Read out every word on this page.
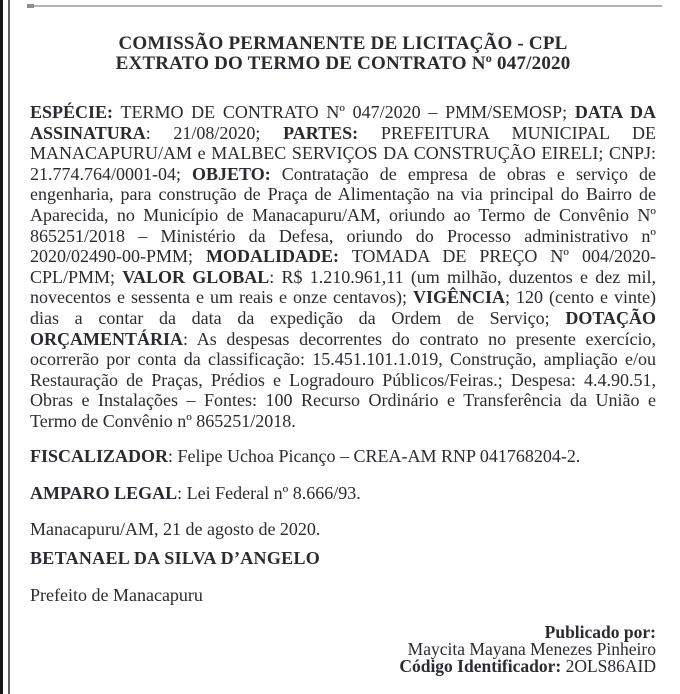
COMISSÃO PERMANENTE DE LICITAÇÃO - CPL
EXTRATO DO TERMO DE CONTRATO Nº 047/2020

ESPÉCIE: TERMO DE CONTRATO Nº 047/2020 – PMM/SEMOSP; DATA DA ASSINATURA: 21/08/2020; PARTES: PREFEITURA MUNICIPAL DE MANACAPURU/AM e MALBEC SERVIÇOS DA CONSTRUÇÃO EIRELI; CNPJ: 21.774.764/0001-04; OBJETO: Contratação de empresa de obras e serviço de engenharia, para construção de Praça de Alimentação na via principal do Bairro de Aparecida, no Município de Manacapuru/AM, oriundo ao Termo de Convênio Nº 865251/2018 – Ministério da Defesa, oriundo do Processo administrativo nº 2020/02490-00-PMM; MODALIDADE: TOMADA DE PREÇO Nº 004/2020-CPL/PMM; VALOR GLOBAL: R$ 1.210.961,11 (um milhão, duzentos e dez mil, novecentos e sessenta e um reais e onze centavos); VIGÊNCIA; 120 (cento e vinte) dias a contar da data da expedição da Ordem de Serviço; DOTAÇÃO ORÇAMENTÁRIA: As despesas decorrentes do contrato no presente exercício, ocorrerão por conta da classificação: 15.451.101.1.019, Construção, ampliação e/ou Restauração de Praças, Prédios e Logradouro Públicos/Feiras.; Despesa: 4.4.90.51, Obras e Instalações – Fontes: 100 Recurso Ordinário e Transferência da União e Termo de Convênio nº 865251/2018.

FISCALIZADOR: Felipe Uchoa Picanço – CREA-AM RNP 041768204-2.

AMPARO LEGAL: Lei Federal nº 8.666/93.

Manacapuru/AM, 21 de agosto de 2020.

BETANAEL DA SILVA D’ANGELO

Prefeito de Manacapuru

Publicado por:
Maycita Mayana Menezes Pinheiro
Código Identificador: 2OLS86AID
